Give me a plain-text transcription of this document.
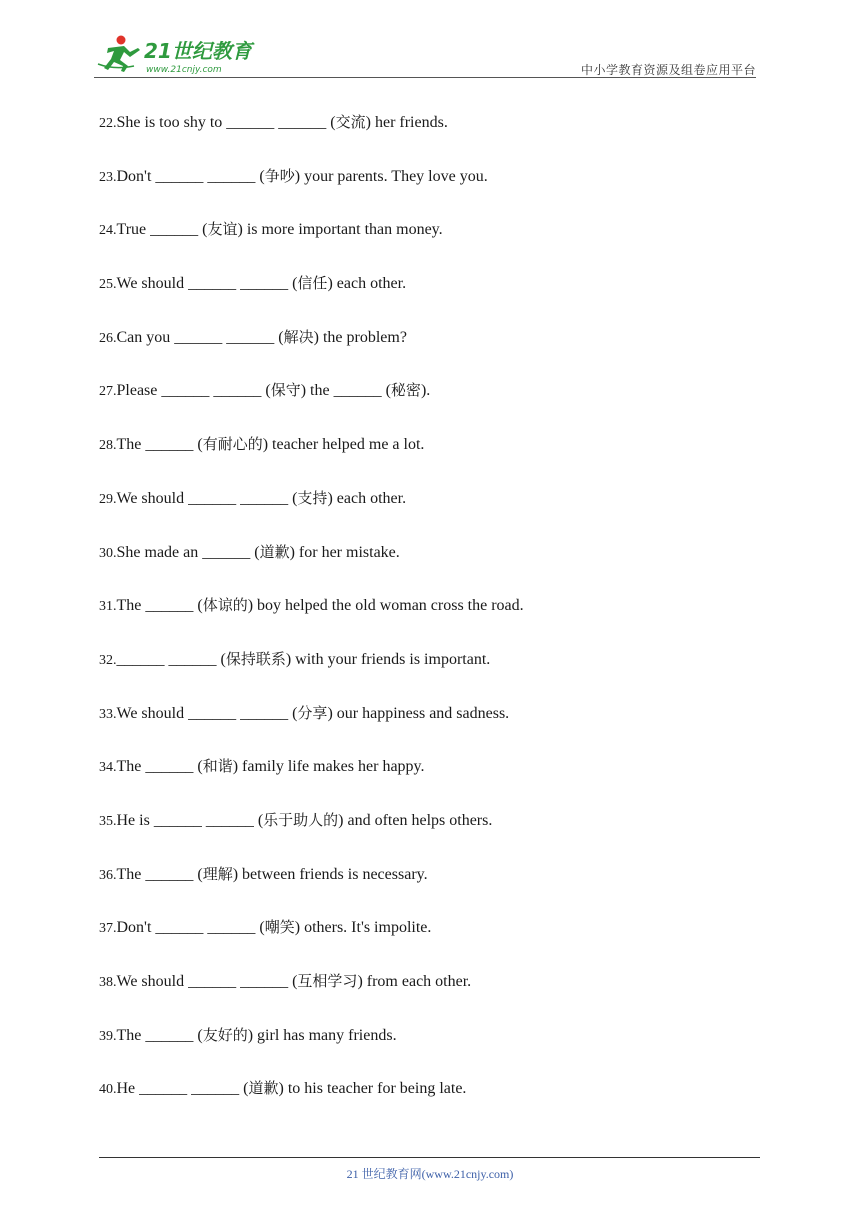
21世纪教育
www.21cnjy.com	中小学教育资源及组卷应用平台
22.She is too shy to ______ ______ (交流) her friends.
23.Don't ______ ______ (争吵) your parents. They love you.
24.True ______ (友谊) is more important than money.
25.We should ______ ______ (信任) each other.
26.Can you ______ ______ (解决) the problem?
27.Please ______ ______ (保守) the ______ (秘密).
28.The ______ (有耐心的) teacher helped me a lot.
29.We should ______ ______ (支持) each other.
30.She made an ______ (道歉) for her mistake.
31.The ______ (体谅的) boy helped the old woman cross the road.
32.______ ______ (保持联系) with your friends is important.
33.We should ______ ______ (分享) our happiness and sadness.
34.The ______ (和谐) family life makes her happy.
35.He is ______ ______ (乐于助人的) and often helps others.
36.The ______ (理解) between friends is necessary.
37.Don't ______ ______ (嘲笑) others. It's impolite.
38.We should ______ ______ (互相学习) from each other.
39.The ______ (友好的) girl has many friends.
40.He ______ ______ (道歉) to his teacher for being late.
21 世纪教育网(www.21cnjy.com)
